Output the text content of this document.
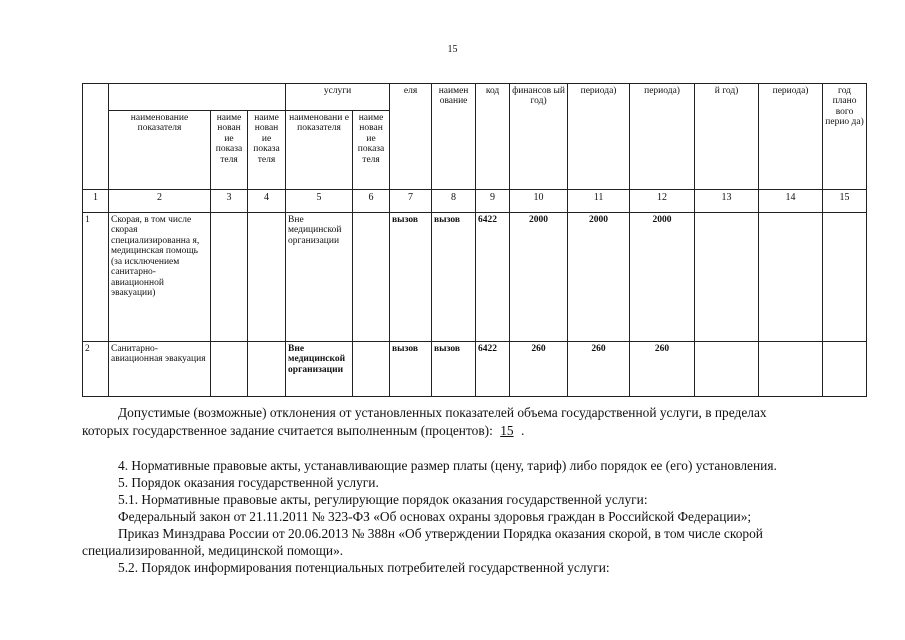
15
				услуги		еля	наимен ование	код	финансов ый год)	периода)	периода)	й год)	периода)	год плано вого перио да)
	наименование показателя	наиме нован ие показа теля	наиме нован ие показа теля	наименовани е показателя	наиме нован ие показа теля									
1	2	3	4	5	6	7	8	9	10	11	12	13	14	15
1	Скорая, в том числе скорая специализированна я, медицинская помощь (за исключением санитарно-авиационной эвакуации)			Вне медицинской организации		вызов	вызов	6422	2000	2000	2000			
2	Санитарно-авиационная эвакуация			Вне медицинской организации		вызов	вызов	6422	260	260	260			
Допустимые (возможные) отклонения от установленных показателей объема государственной услуги, в пределах
которых государственное задание считается выполненным (процентов): 15 .
4. Нормативные правовые акты, устанавливающие размер платы (цену, тариф) либо порядок ее (его) установления.
5. Порядок оказания государственной услуги.
5.1. Нормативные правовые акты, регулирующие порядок оказания государственной услуги:
Федеральный закон от 21.11.2011 № 323-ФЗ «Об основах охраны здоровья граждан в Российской Федерации»;
Приказ Минздрава России от 20.06.2013 № 388н «Об утверждении Порядка оказания скорой, в том числе скорой
специализированной, медицинской помощи».
5.2. Порядок информирования потенциальных потребителей государственной услуги:
